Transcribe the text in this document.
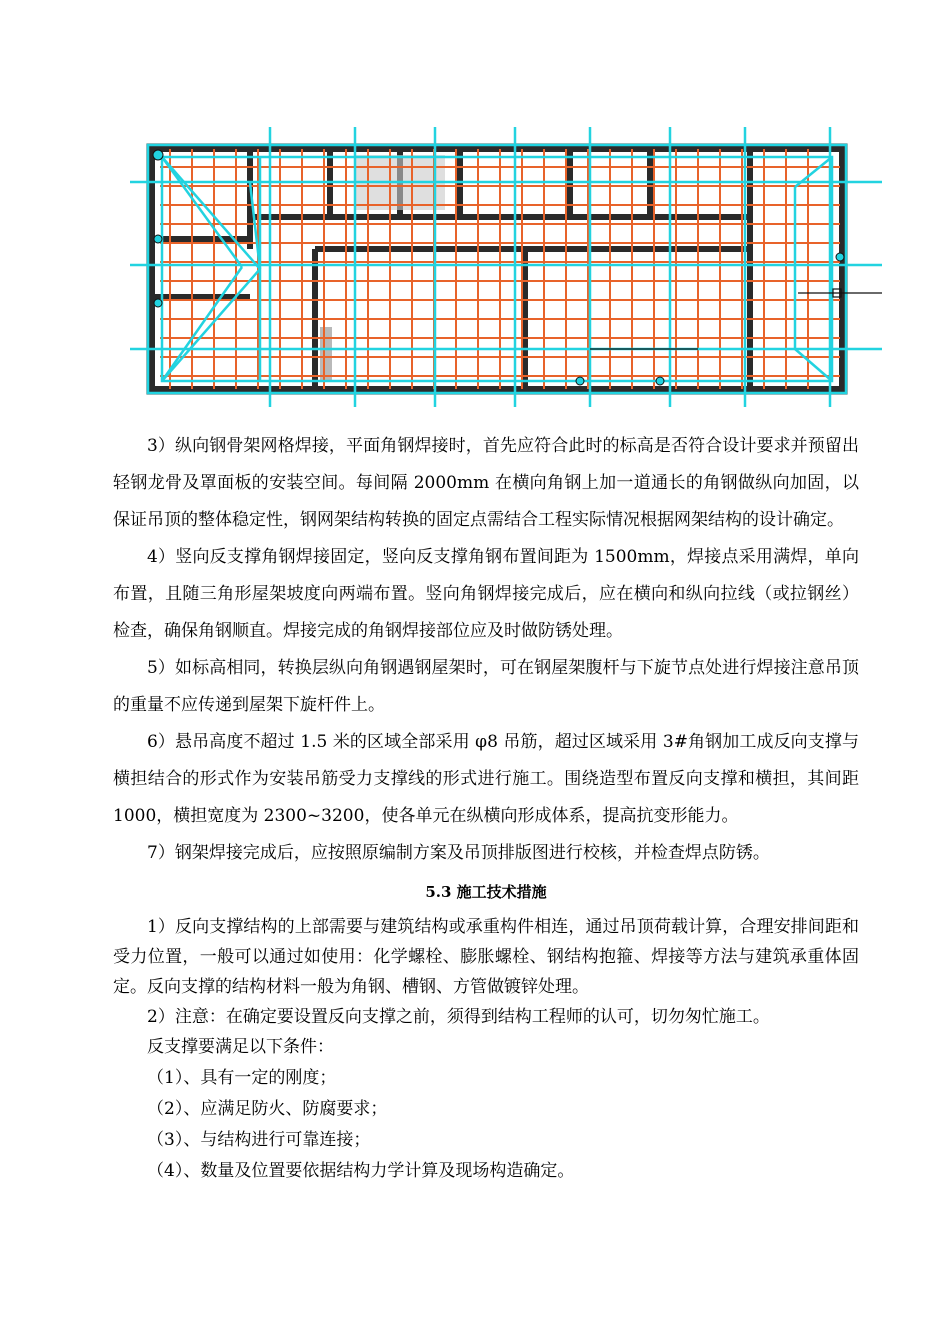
3）纵向钢骨架网格焊接，平面角钢焊接时，首先应符合此时的标高是否符合设计要求并预留出轻钢龙骨及罩面板的安装空间。每间隔 2000mm 在横向角钢上加一道通长的角钢做纵向加固，以保证吊顶的整体稳定性，钢网架结构转换的固定点需结合工程实际情况根据网架结构的设计确定。

4）竖向反支撑角钢焊接固定，竖向反支撑角钢布置间距为 1500mm，焊接点采用满焊，单向布置，且随三角形屋架坡度向两端布置。竖向角钢焊接完成后，应在横向和纵向拉线（或拉钢丝）检查，确保角钢顺直。焊接完成的角钢焊接部位应及时做防锈处理。

5）如标高相同，转换层纵向角钢遇钢屋架时，可在钢屋架腹杆与下旋节点处进行焊接注意吊顶的重量不应传递到屋架下旋杆件上。

6）悬吊高度不超过 1.5 米的区域全部采用 φ8 吊筋，超过区域采用 3#角钢加工成反向支撑与横担结合的形式作为安装吊筋受力支撑线的形式进行施工。围绕造型布置反向支撑和横担，其间距 1000，横担宽度为 2300~3200，使各单元在纵横向形成体系，提高抗变形能力。

7）钢架焊接完成后，应按照原编制方案及吊顶排版图进行校核，并检查焊点防锈。

5.3 施工技术措施

1）反向支撑结构的上部需要与建筑结构或承重构件相连，通过吊顶荷载计算，合理安排间距和受力位置，一般可以通过如使用：化学螺栓、膨胀螺栓、钢结构抱箍、焊接等方法与建筑承重体固定。反向支撑的结构材料一般为角钢、槽钢、方管做镀锌处理。

2）注意：在确定要设置反向支撑之前，须得到结构工程师的认可，切勿匆忙施工。

反支撑要满足以下条件：

（1）、具有一定的刚度；

（2）、应满足防火、防腐要求；

（3）、与结构进行可靠连接；

（4）、数量及位置要依据结构力学计算及现场构造确定。
